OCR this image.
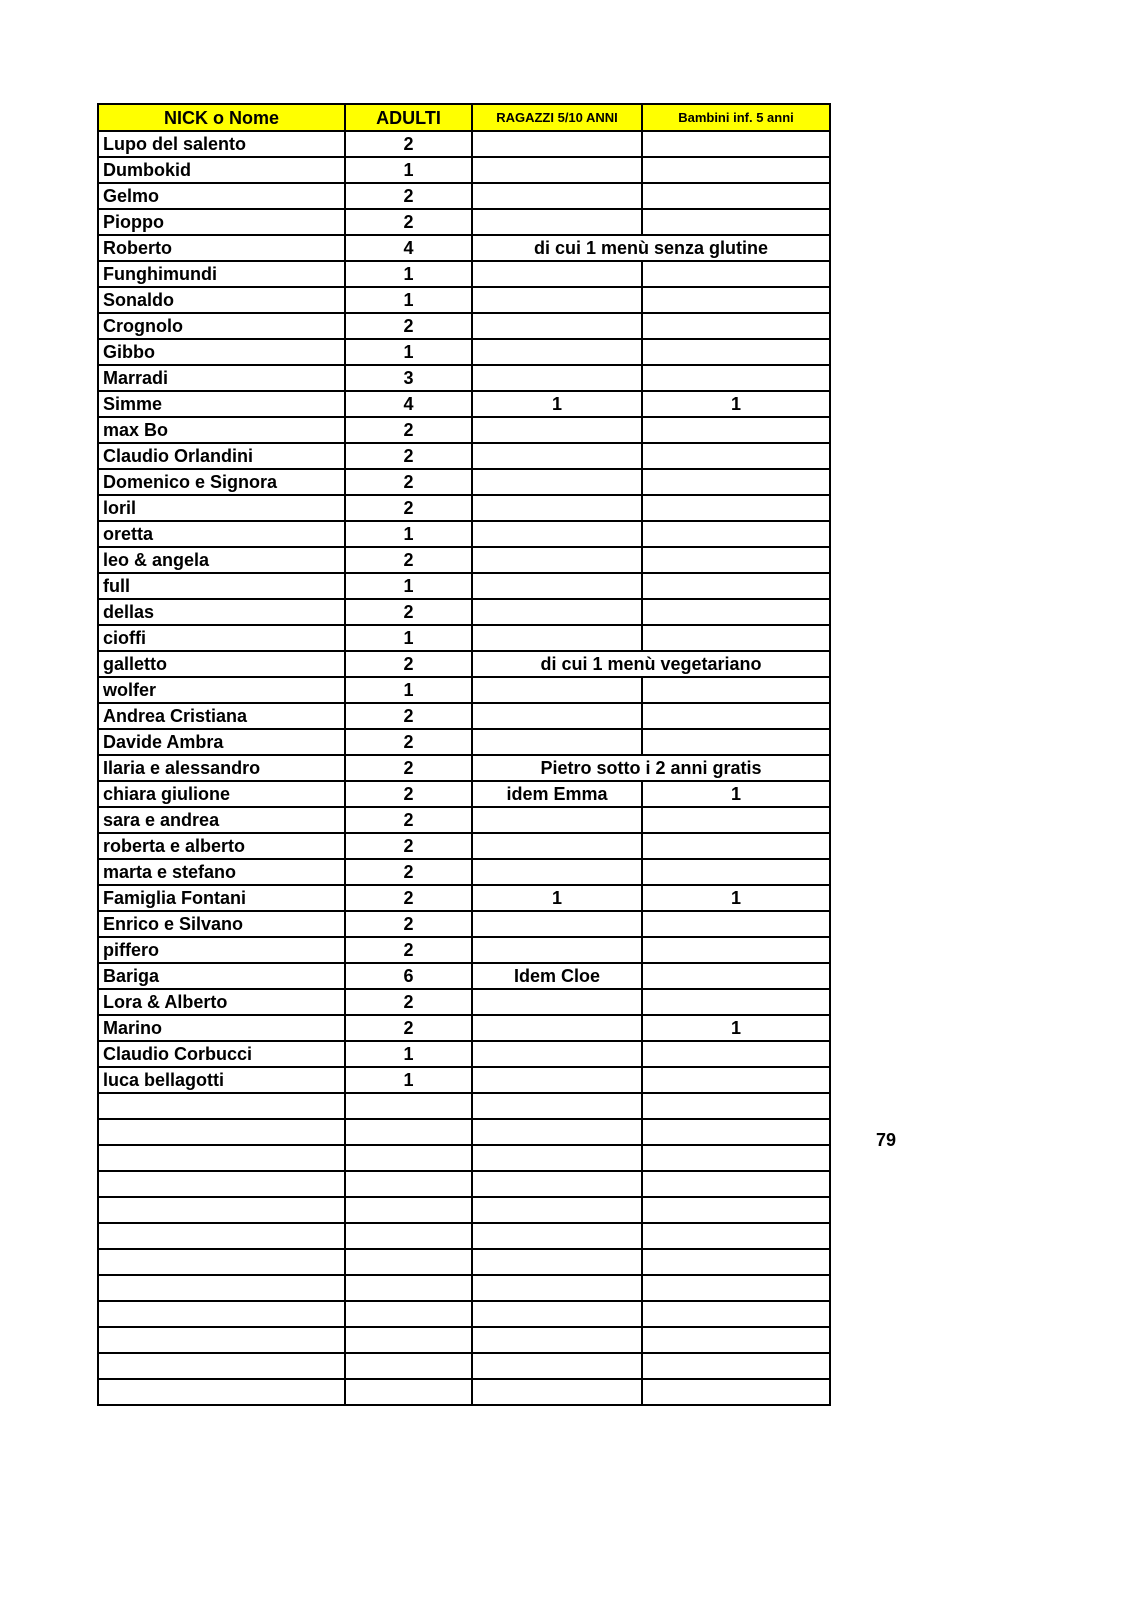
NICK o Nome	ADULTI	RAGAZZI 5/10 ANNI	Bambini inf. 5 anni
Lupo del salento	2		
Dumbokid	1		
Gelmo	2		
Pioppo	2		
Roberto	4	di cui 1 menù senza glutine	
Funghimundi	1		
Sonaldo	1		
Crognolo	2		
Gibbo	1		
Marradi	3		
Simme	4	1	1
max Bo	2		
Claudio Orlandini	2		
Domenico e Signora	2		
loril	2		
oretta	1		
leo & angela	2		
full	1		
dellas	2		
cioffi	1		
galletto	2	di cui 1 menù vegetariano	
wolfer	1		
Andrea Cristiana	2		
Davide Ambra	2		
Ilaria e alessandro	2	Pietro sotto i 2 anni gratis	
chiara giulione	2	idem Emma	1
sara e andrea	2		
roberta e alberto	2		
marta e stefano	2		
Famiglia Fontani	2	1	1
Enrico e Silvano	2		
piffero	2		
Bariga	6	Idem Cloe	
Lora & Alberto	2		
Marino	2		1
Claudio Corbucci	1		
luca bellagotti	1		

79
